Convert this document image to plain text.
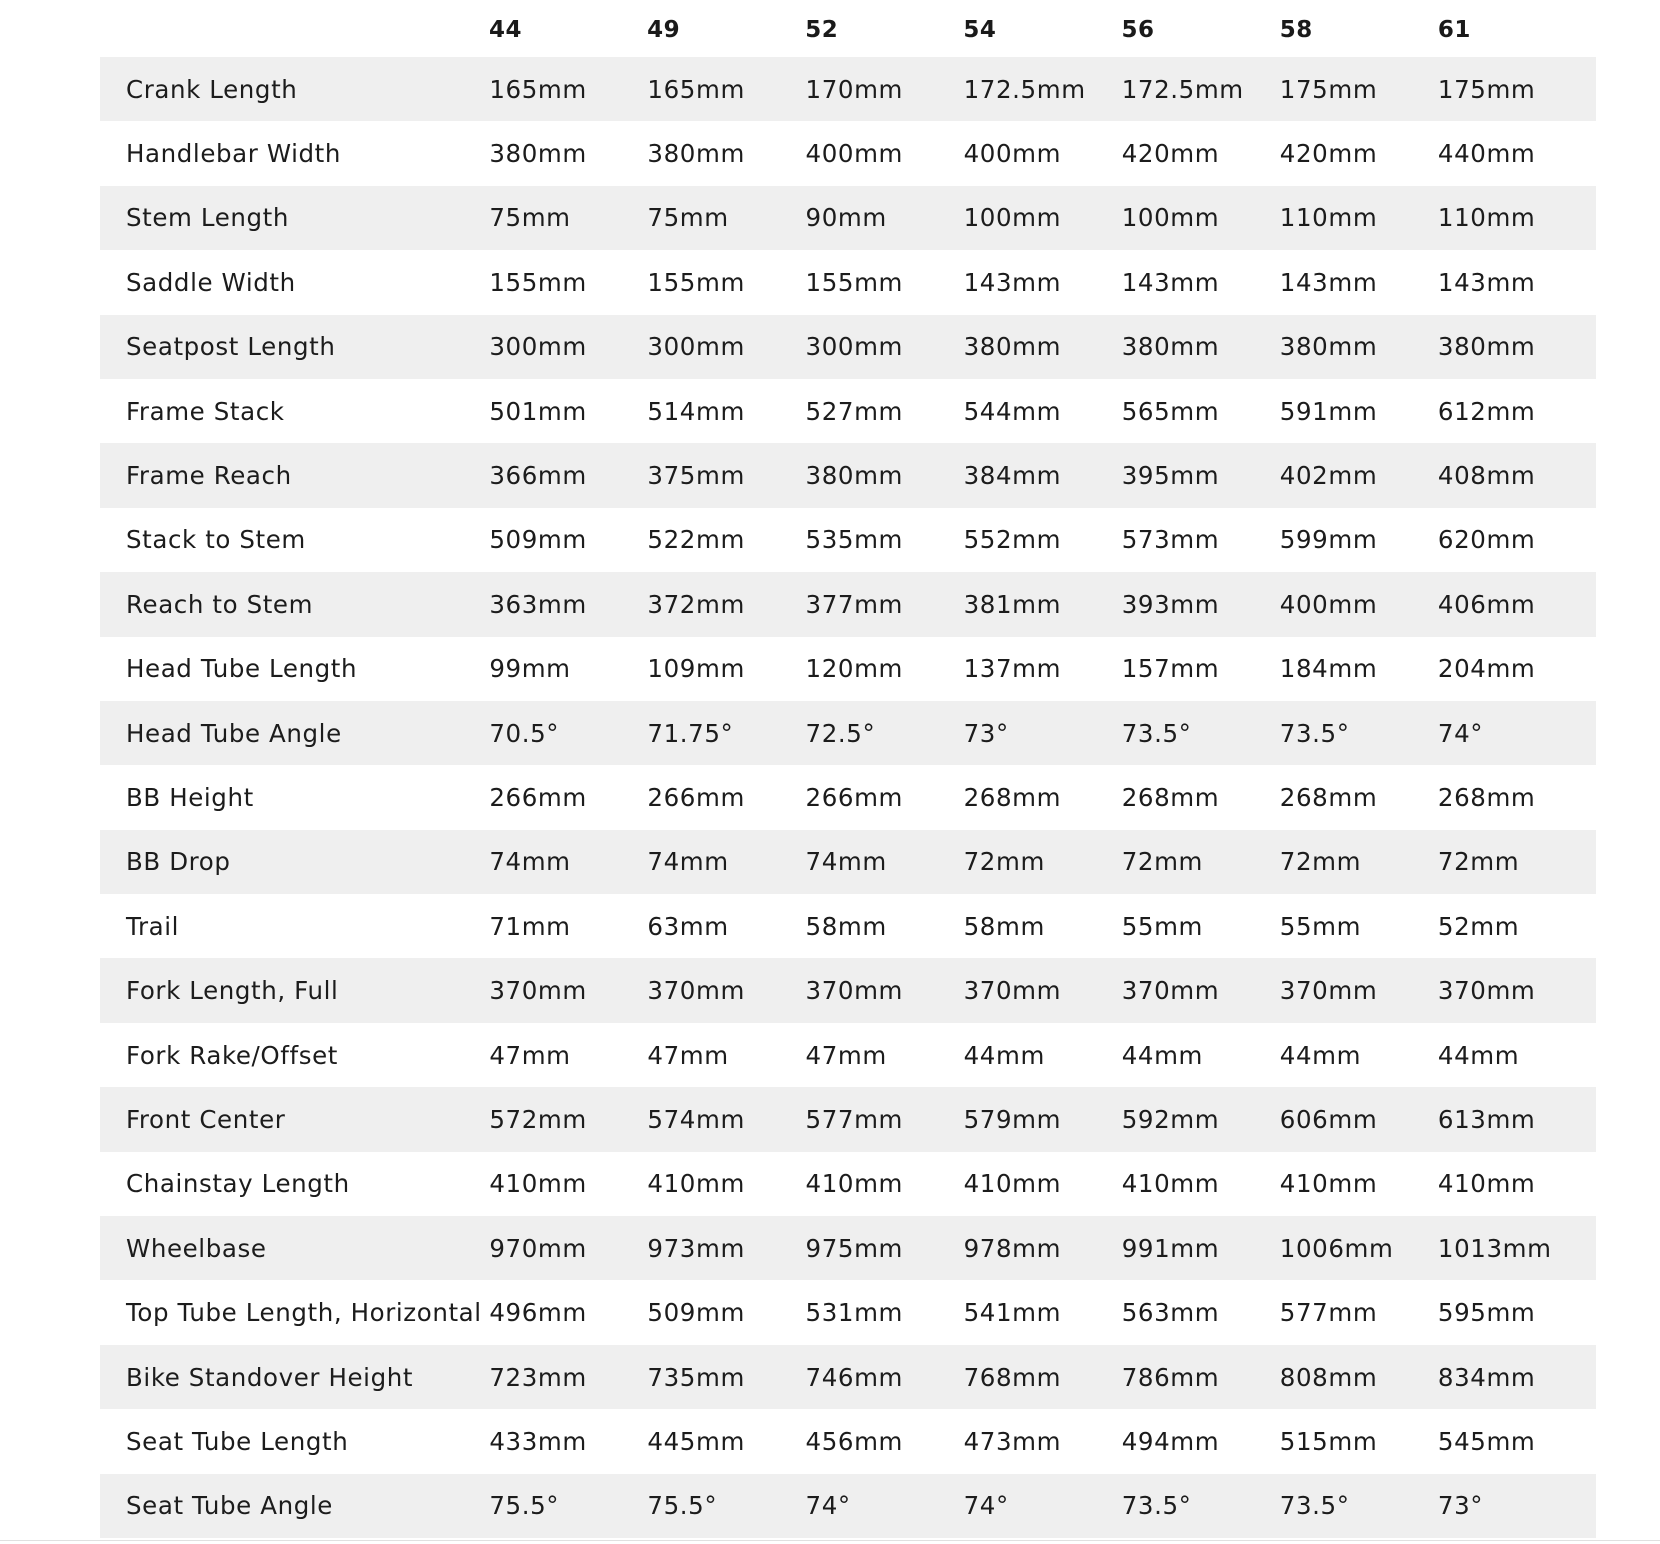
44	49	52	54	56	58	61
Crank Length	165mm	165mm	170mm	172.5mm	172.5mm	175mm	175mm
Handlebar Width	380mm	380mm	400mm	400mm	420mm	420mm	440mm
Stem Length	75mm	75mm	90mm	100mm	100mm	110mm	110mm
Saddle Width	155mm	155mm	155mm	143mm	143mm	143mm	143mm
Seatpost Length	300mm	300mm	300mm	380mm	380mm	380mm	380mm
Frame Stack	501mm	514mm	527mm	544mm	565mm	591mm	612mm
Frame Reach	366mm	375mm	380mm	384mm	395mm	402mm	408mm
Stack to Stem	509mm	522mm	535mm	552mm	573mm	599mm	620mm
Reach to Stem	363mm	372mm	377mm	381mm	393mm	400mm	406mm
Head Tube Length	99mm	109mm	120mm	137mm	157mm	184mm	204mm
Head Tube Angle	70.5°	71.75°	72.5°	73°	73.5°	73.5°	74°
BB Height	266mm	266mm	266mm	268mm	268mm	268mm	268mm
BB Drop	74mm	74mm	74mm	72mm	72mm	72mm	72mm
Trail	71mm	63mm	58mm	58mm	55mm	55mm	52mm
Fork Length, Full	370mm	370mm	370mm	370mm	370mm	370mm	370mm
Fork Rake/Offset	47mm	47mm	47mm	44mm	44mm	44mm	44mm
Front Center	572mm	574mm	577mm	579mm	592mm	606mm	613mm
Chainstay Length	410mm	410mm	410mm	410mm	410mm	410mm	410mm
Wheelbase	970mm	973mm	975mm	978mm	991mm	1006mm	1013mm
Top Tube Length, Horizontal 496mm	509mm	531mm	541mm	563mm	577mm	595mm
Bike Standover Height	723mm	735mm	746mm	768mm	786mm	808mm	834mm
Seat Tube Length	433mm	445mm	456mm	473mm	494mm	515mm	545mm
Seat Tube Angle	75.5°	75.5°	74°	74°	73.5°	73.5°	73°
